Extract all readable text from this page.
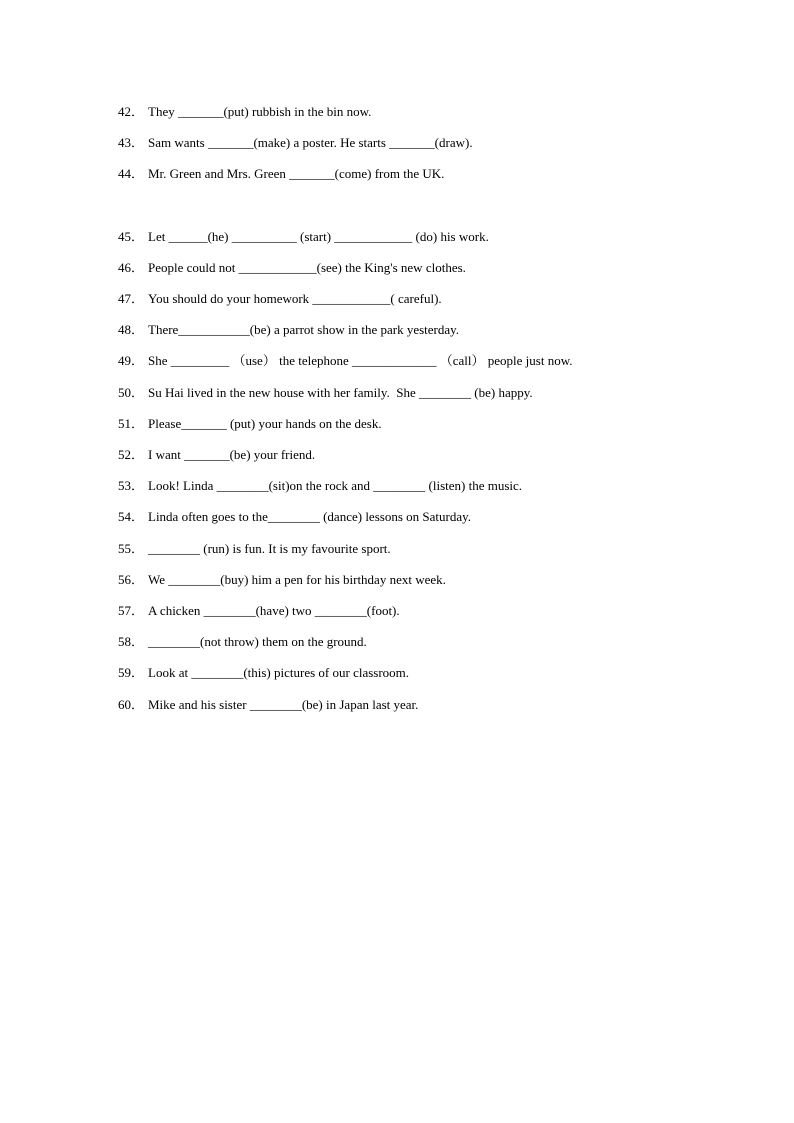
42． They _______(put) rubbish in the bin now.
43． Sam wants _______(make) a poster. He starts _______(draw).
44． Mr. Green and Mrs. Green _______(come) from the UK.
45． Let ______(he) __________ (start) ____________ (do) his work.
46． People could not ____________(see) the King's new clothes.
47． You should do your homework ____________( careful).
48． There___________(be) a parrot show in the park yesterday.
49． She _________ （use） the telephone _____________ （call） people just now.
50． Su Hai lived in the new house with her family.  She ________ (be) happy.
51． Please_______ (put) your hands on the desk.
52． I want _______(be) your friend.
53． Look! Linda ________(sit)on the rock and ________ (listen) the music.
54． Linda often goes to the________ (dance) lessons on Saturday.
55． ________ (run) is fun. It is my favourite sport.
56． We ________(buy) him a pen for his birthday next week.
57． A chicken ________(have) two ________(foot).
58． ________(not throw) them on the ground.
59． Look at ________(this) pictures of our classroom.
60． Mike and his sister ________(be) in Japan last year.
